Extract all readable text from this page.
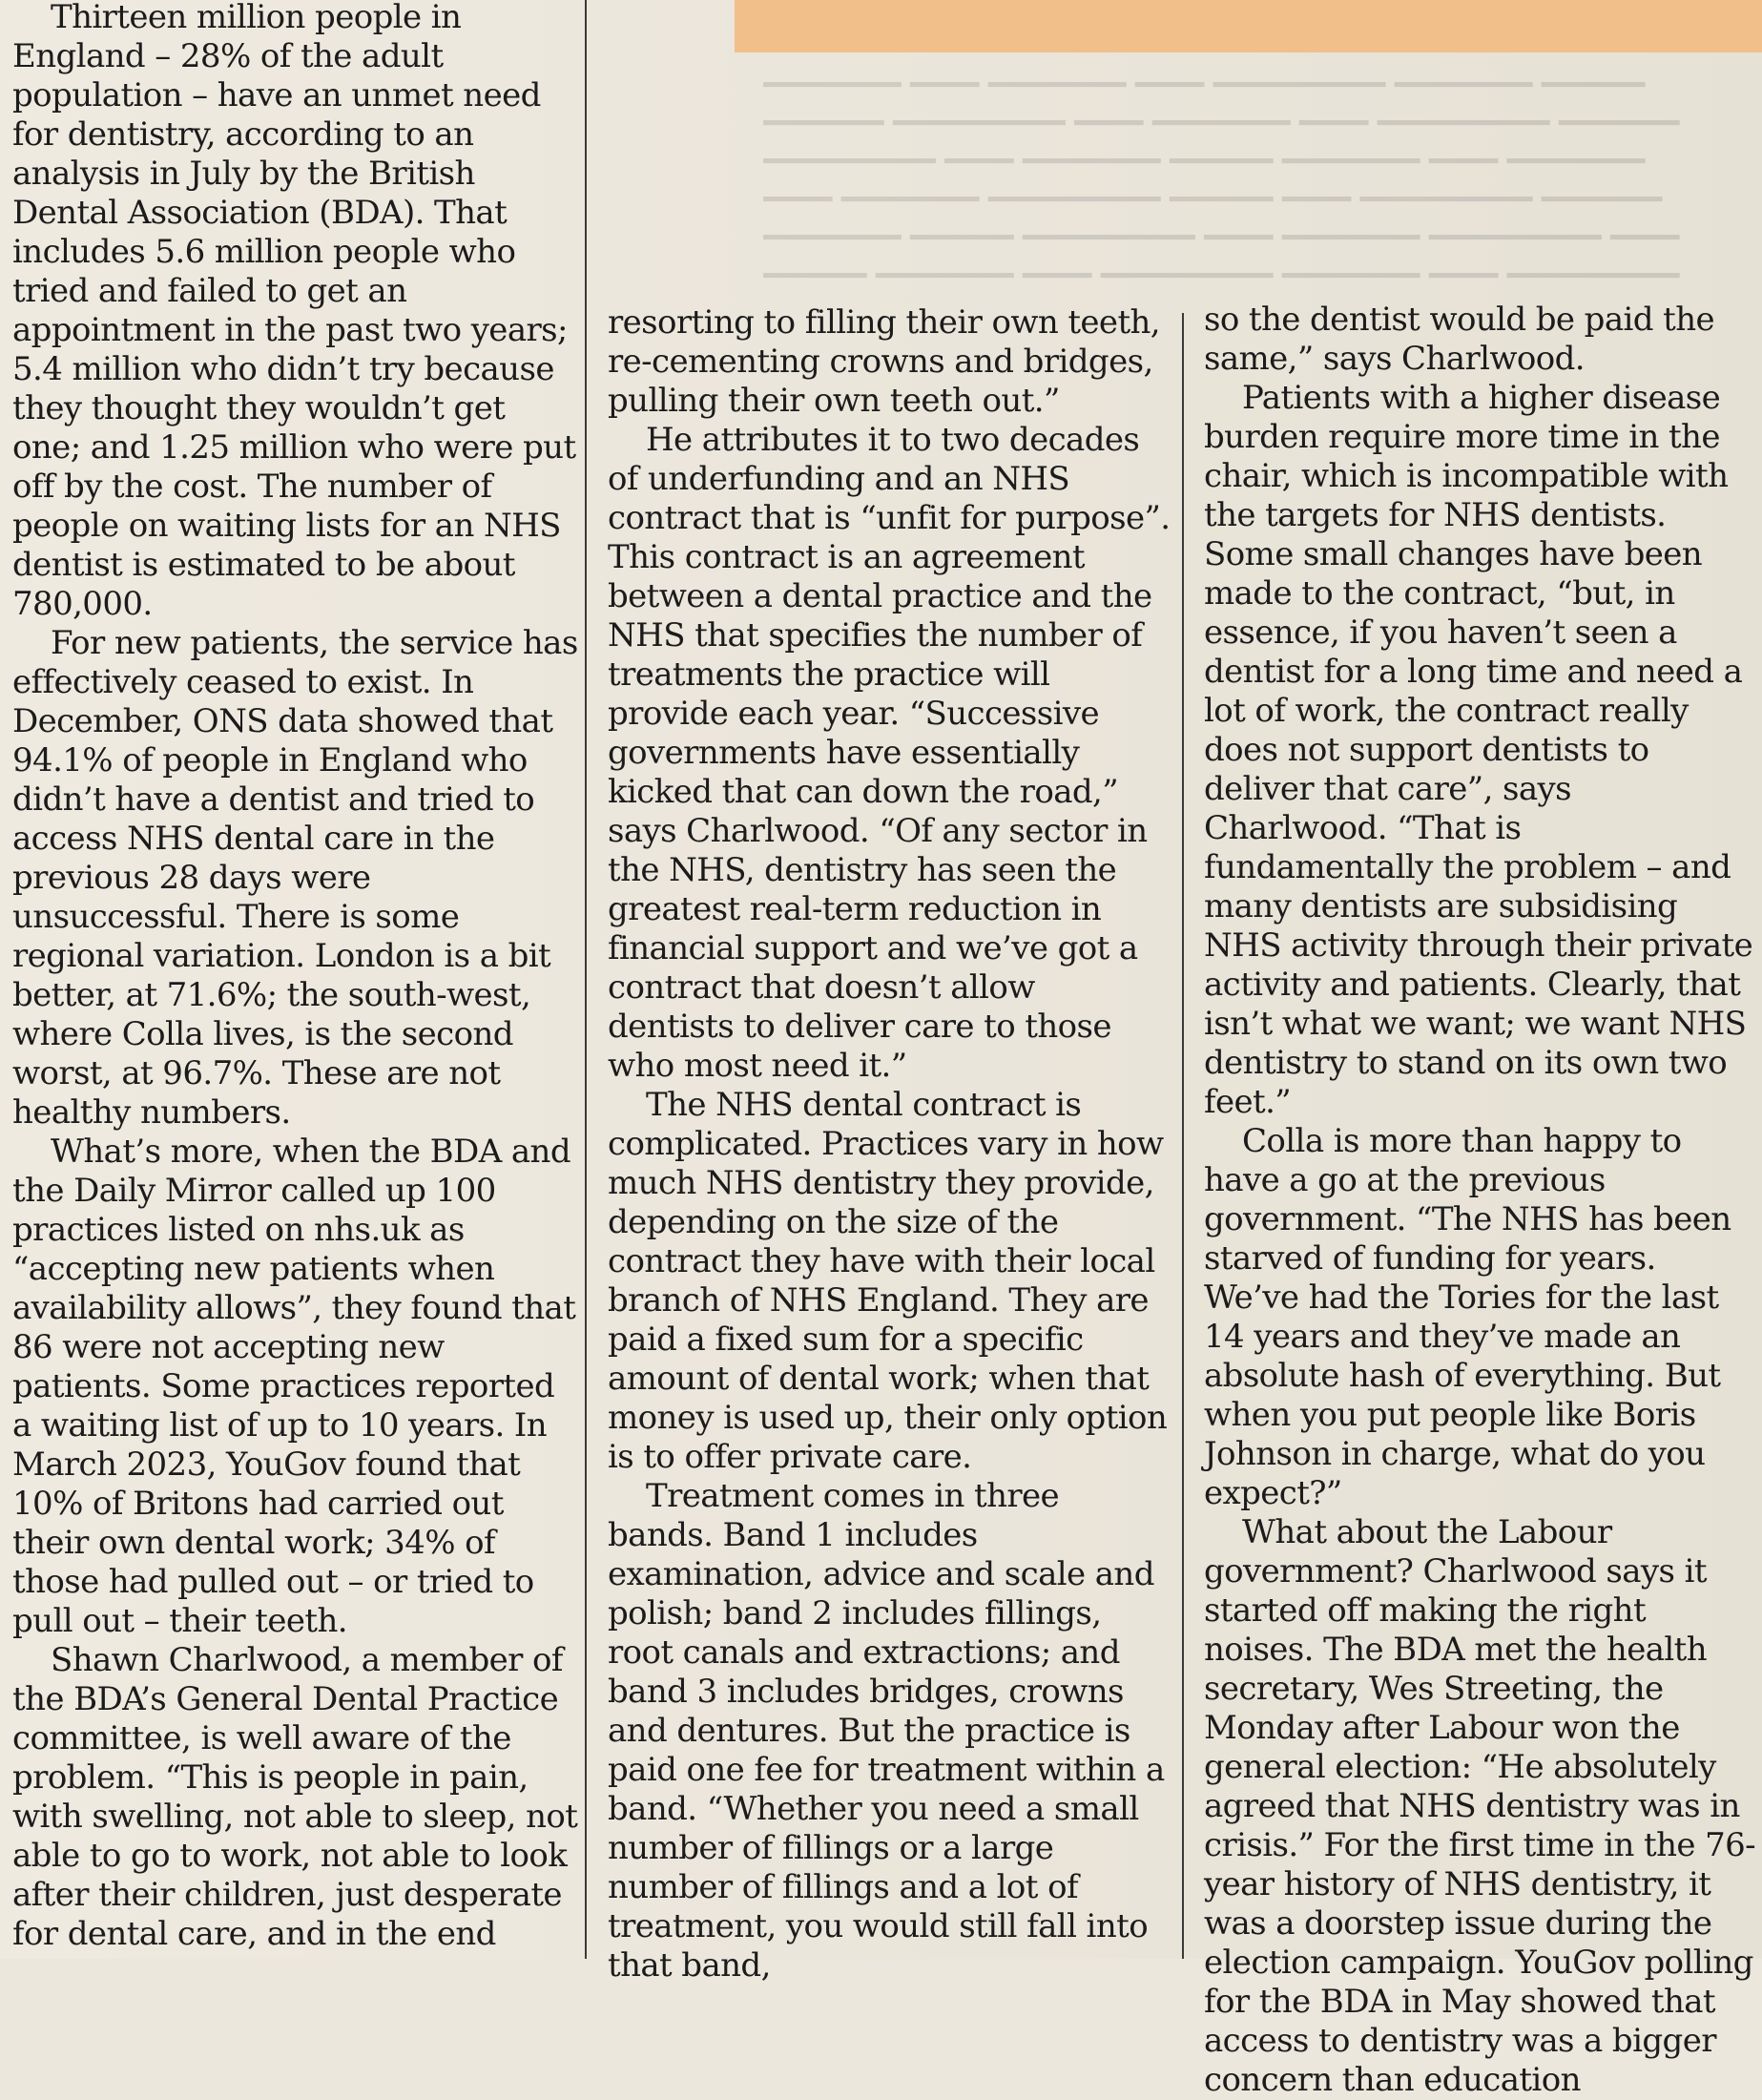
━━━━━━━━ ━━━━ ━━━━━━━━ ━━━━ ━━━━━━━━━━ ━━━━━━━━ ━━━━━━
━━━━━━━ ━━━━━━━━━━ ━━━━ ━━━━━━━━ ━━━━ ━━━━━━━━━━ ━━━━━━━
━━━━━━━━━━ ━━━━ ━━━━━━━━ ━━━━━━ ━━━━━━━━ ━━━━ ━━━━━━━━
━━━━ ━━━━━━━━ ━━━━━━━━━━ ━━━━━━ ━━━━ ━━━━━━━━━━ ━━━━━━━
━━━━━━━━ ━━━━━━ ━━━━━━━━━━ ━━━━ ━━━━━━━━ ━━━━━━━━━━ ━━━━
━━━━━━ ━━━━━━━━ ━━━━ ━━━━━━━━━━ ━━━━━━━━ ━━━━ ━━━━━━━━━━

Thirteen million people in England – 28% of the adult population – have an unmet need for dentistry, according to an analysis in July by the British Dental Association (BDA). That includes 5.6 million people who tried and failed to get an appointment in the past two years; 5.4 million who didn’t try because they thought they wouldn’t get one; and 1.25 million who were put off by the cost. The number of people on waiting lists for an NHS dentist is estimated to be about 780,000.

For new patients, the service has effectively ceased to exist. In December, ONS data showed that 94.1% of people in England who didn’t have a dentist and tried to access NHS dental care in the previous 28 days were unsuccessful. There is some regional variation. London is a bit better, at 71.6%; the south-west, where Colla lives, is the second worst, at 96.7%. These are not healthy numbers.

What’s more, when the BDA and the Daily Mirror called up 100 practices listed on nhs.uk as “accepting new patients when availability allows”, they found that 86 were not accepting new patients. Some practices reported a waiting list of up to 10 years. In March 2023, YouGov found that 10% of Britons had carried out their own dental work; 34% of those had pulled out – or tried to pull out – their teeth.

Shawn Charlwood, a member of the BDA’s General Dental Practice committee, is well aware of the problem. “This is people in pain, with swelling, not able to sleep, not able to go to work, not able to look after their children, just desperate for dental care, and in the end

resorting to filling their own teeth, re-cementing crowns and bridges, pulling their own teeth out.”

He attributes it to two decades of underfunding and an NHS contract that is “unfit for purpose”. This contract is an agreement between a dental practice and the NHS that specifies the number of treatments the practice will provide each year. “Successive governments have essentially kicked that can down the road,” says Charlwood. “Of any sector in the NHS, dentistry has seen the greatest real-term reduction in financial support and we’ve got a contract that doesn’t allow dentists to deliver care to those who most need it.”

The NHS dental contract is complicated. Practices vary in how much NHS dentistry they provide, depending on the size of the contract they have with their local branch of NHS England. They are paid a fixed sum for a specific amount of dental work; when that money is used up, their only option is to offer private care.

Treatment comes in three bands. Band 1 includes examination, advice and scale and polish; band 2 includes fillings, root canals and extractions; and band 3 includes bridges, crowns and dentures. But the practice is paid one fee for treatment within a band. “Whether you need a small number of fillings or a large number of fillings and a lot of treatment, you would still fall into that band,

so the dentist would be paid the same,” says Charlwood.

Patients with a higher disease burden require more time in the chair, which is incompatible with the targets for NHS dentists. Some small changes have been made to the contract, “but, in essence, if you haven’t seen a dentist for a long time and need a lot of work, the contract really does not support dentists to deliver that care”, says Charlwood. “That is fundamentally the problem – and many dentists are subsidising NHS activity through their private activity and patients. Clearly, that isn’t what we want; we want NHS dentistry to stand on its own two feet.”

Colla is more than happy to have a go at the previous government. “The NHS has been starved of funding for years. We’ve had the Tories for the last 14 years and they’ve made an absolute hash of everything. But when you put people like Boris Johnson in charge, what do you expect?”

What about the Labour government? Charlwood says it started off making the right noises. The BDA met the health secretary, Wes Streeting, the Monday after Labour won the general election: “He absolutely agreed that NHS dentistry was in crisis.” For the first time in the 76-year history of NHS dentistry, it was a doorstep issue during the election campaign. YouGov polling for the BDA in May showed that access to dentistry was a bigger concern than education
